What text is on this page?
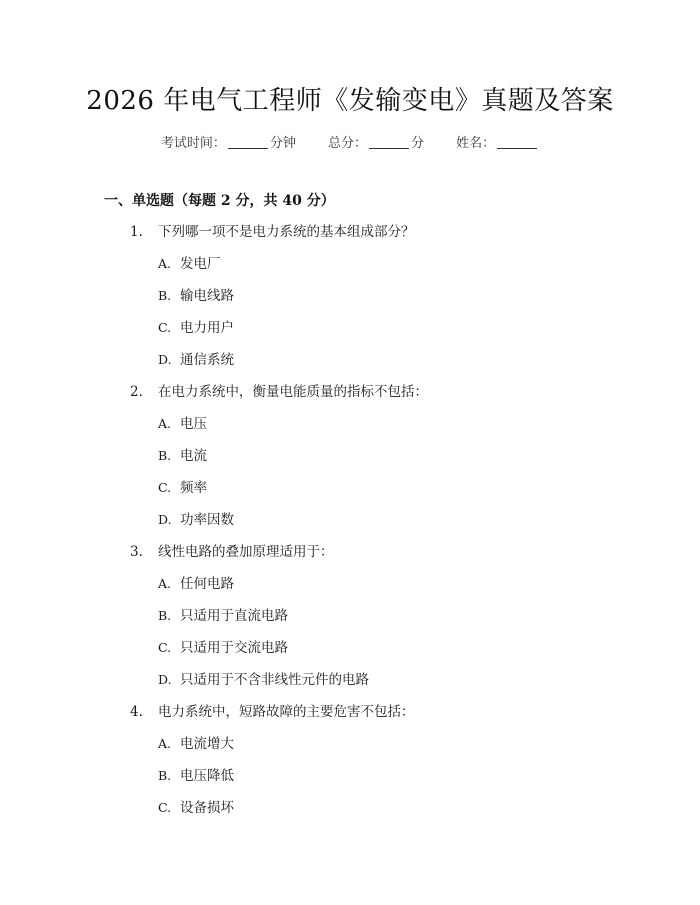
2026 年电气工程师《发输变电》真题及答案
考试时间：	分钟 总分：	分 姓名：
一、单选题（每题 2 分，共 40 分）
1. 下列哪一项不是电力系统的基本组成部分？
A. 发电厂
B. 输电线路
C. 电力用户
D. 通信系统
2. 在电力系统中，衡量电能质量的指标不包括：
A. 电压
B. 电流
C. 频率
D. 功率因数
3. 线性电路的叠加原理适用于：
A. 任何电路
B. 只适用于直流电路
C. 只适用于交流电路
D. 只适用于不含非线性元件的电路
4. 电力系统中，短路故障的主要危害不包括：
A. 电流增大
B. 电压降低
C. 设备损坏
